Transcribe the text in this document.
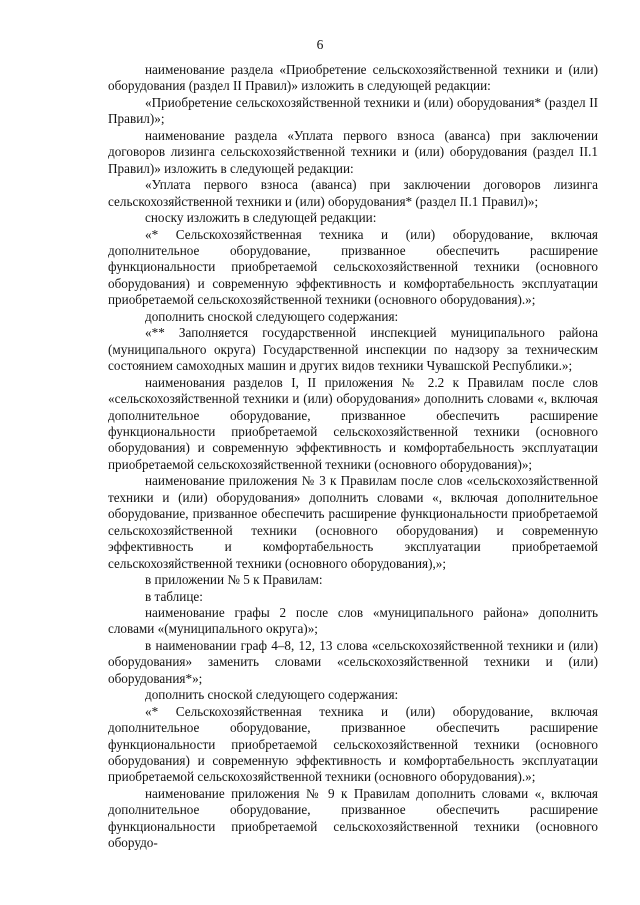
6

наименование раздела «Приобретение сельскохозяйственной техники и (или) оборудования (раздел II Правил)» изложить в следующей редакции:

«Приобретение сельскохозяйственной техники и (или) оборудования* (раздел II Правил)»;

наименование раздела «Уплата первого взноса (аванса) при заключении договоров лизинга сельскохозяйственной техники и (или) оборудования (раздел II.1 Правил)» изложить в следующей редакции:

«Уплата первого взноса (аванса) при заключении договоров лизинга сельскохозяйственной техники и (или) оборудования* (раздел II.1 Правил)»;

сноску изложить в следующей редакции:

«* Сельскохозяйственная техника и (или) оборудование, включая дополнительное оборудование, призванное обеспечить расширение функциональности приобретаемой сельскохозяйственной техники (основного оборудования) и современную эффективность и комфортабельность эксплуатации приобретаемой сельскохозяйственной техники (основного оборудования).»;

дополнить сноской следующего содержания:

«** Заполняется государственной инспекцией муниципального района (муниципального округа) Государственной инспекции по надзору за техническим состоянием самоходных машин и других видов техники Чувашской Республики.»;

наименования разделов I, II приложения № 2.2 к Правилам после слов «сельскохозяйственной техники и (или) оборудования» дополнить словами «, включая дополнительное оборудование, призванное обеспечить расширение функциональности приобретаемой сельскохозяйственной техники (основного оборудования) и современную эффективность и комфортабельность эксплуатации приобретаемой сельскохозяйственной техники (основного оборудования)»;

наименование приложения № 3 к Правилам после слов «сельскохозяйственной техники и (или) оборудования» дополнить словами «, включая дополнительное оборудование, призванное обеспечить расширение функциональности приобретаемой сельскохозяйственной техники (основного оборудования) и современную эффективность и комфортабельность эксплуатации приобретаемой сельскохозяйственной техники (основного оборудования),»;

в приложении № 5 к Правилам:

в таблице:

наименование графы 2 после слов «муниципального района» дополнить словами «(муниципального округа)»;

в наименовании граф 4–8, 12, 13 слова «сельскохозяйственной техники и (или) оборудования» заменить словами «сельскохозяйственной техники и (или) оборудования*»;

дополнить сноской следующего содержания:

«* Сельскохозяйственная техника и (или) оборудование, включая дополнительное оборудование, призванное обеспечить расширение функциональности приобретаемой сельскохозяйственной техники (основного оборудования) и современную эффективность и комфортабельность эксплуатации приобретаемой сельскохозяйственной техники (основного оборудования).»;

наименование приложения № 9 к Правилам дополнить словами «, включая дополнительное оборудование, призванное обеспечить расширение функциональности приобретаемой сельскохозяйственной техники (основного оборудо-
